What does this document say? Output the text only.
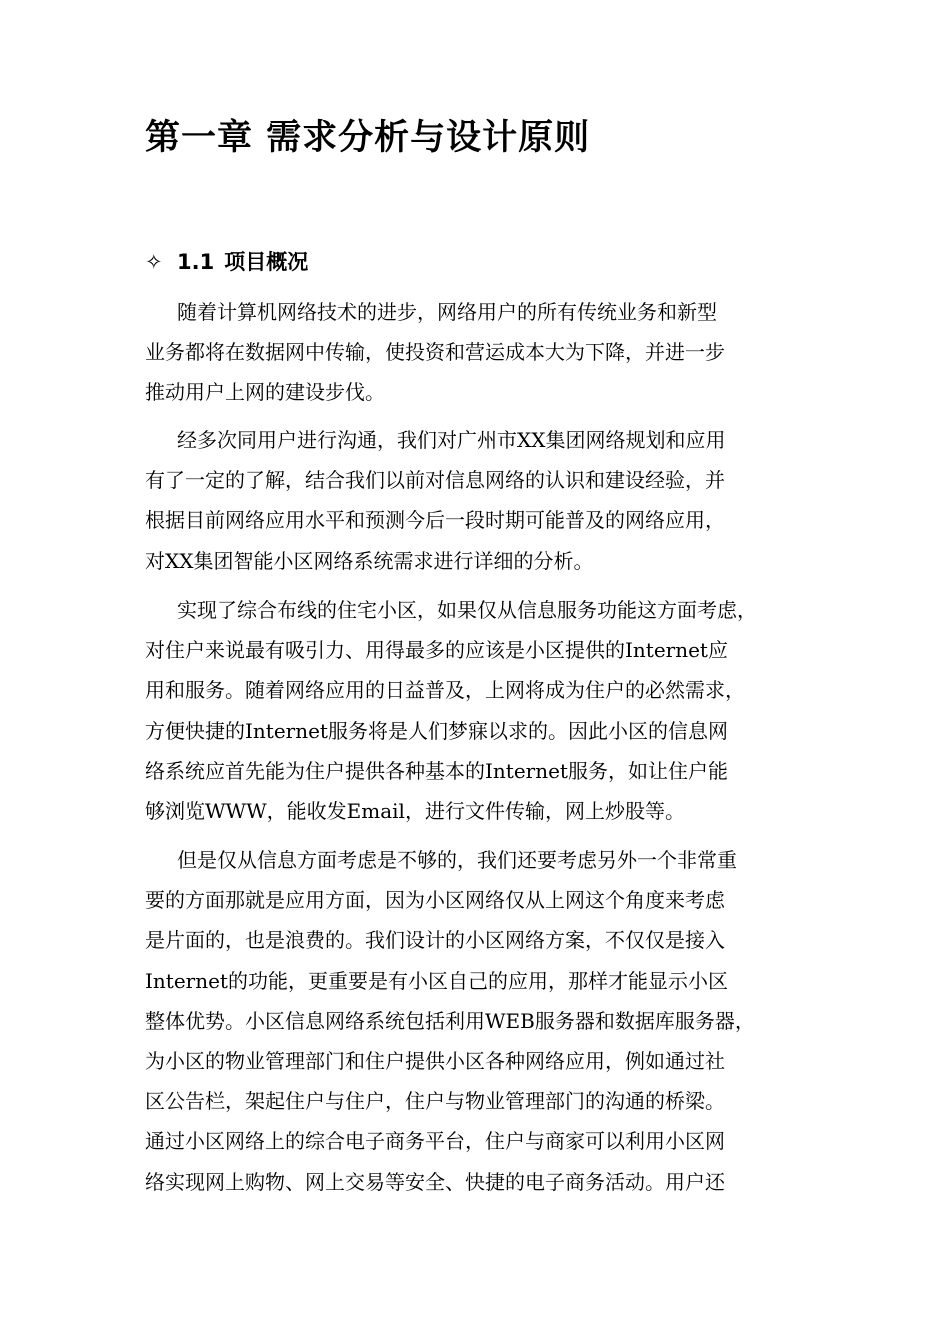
第一章 需求分析与设计原则
✧ 1.1 项目概况

随着计算机网络技术的进步，网络用户的所有传统业务和新型
业务都将在数据网中传输，使投资和营运成本大为下降，并进一步
推动用户上网的建设步伐。

经多次同用户进行沟通，我们对广州市XX集团网络规划和应用
有了一定的了解，结合我们以前对信息网络的认识和建设经验，并
根据目前网络应用水平和预测今后一段时期可能普及的网络应用，
对XX集团智能小区网络系统需求进行详细的分析。

实现了综合布线的住宅小区，如果仅从信息服务功能这方面考虑，
对住户来说最有吸引力、用得最多的应该是小区提供的Internet应
用和服务。随着网络应用的日益普及，上网将成为住户的必然需求，
方便快捷的Internet服务将是人们梦寐以求的。因此小区的信息网
络系统应首先能为住户提供各种基本的Internet服务，如让住户能
够浏览WWW，能收发Email，进行文件传输，网上炒股等。

但是仅从信息方面考虑是不够的，我们还要考虑另外一个非常重
要的方面那就是应用方面，因为小区网络仅从上网这个角度来考虑
是片面的，也是浪费的。我们设计的小区网络方案，不仅仅是接入
Internet的功能，更重要是有小区自己的应用，那样才能显示小区
整体优势。小区信息网络系统包括利用WEB服务器和数据库服务器，
为小区的物业管理部门和住户提供小区各种网络应用，例如通过社
区公告栏，架起住户与住户，住户与物业管理部门的沟通的桥梁。
通过小区网络上的综合电子商务平台，住户与商家可以利用小区网
络实现网上购物、网上交易等安全、快捷的电子商务活动。用户还
